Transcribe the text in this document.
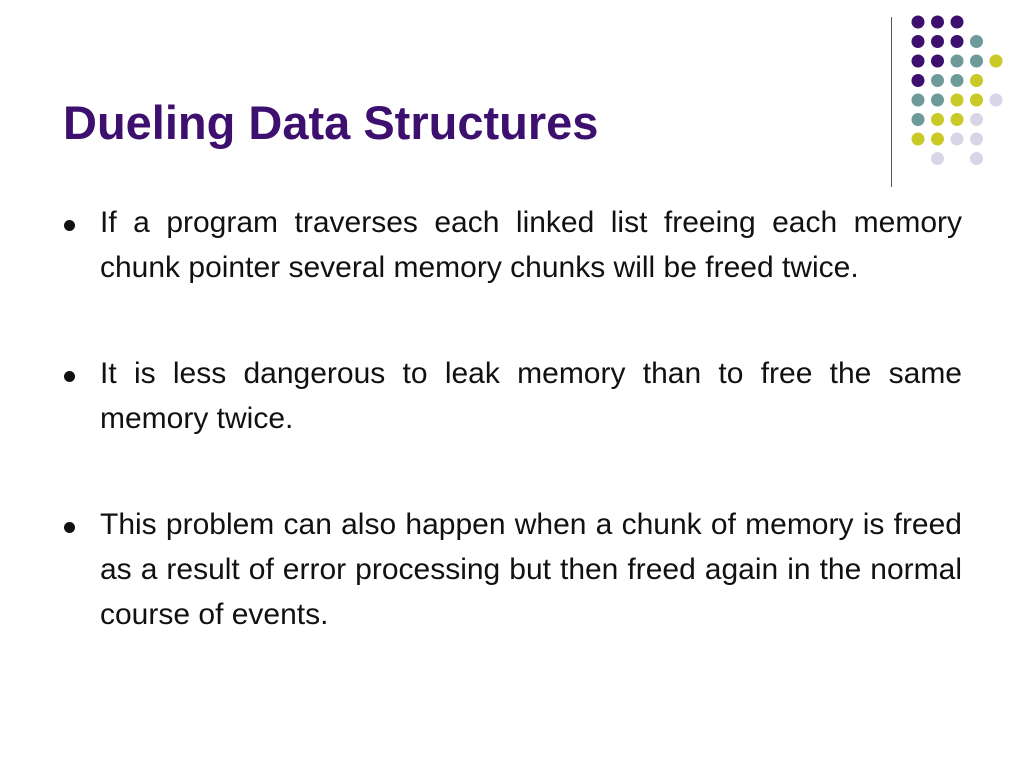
Dueling Data Structures
If a program traverses each linked list freeing each memory chunk pointer several memory chunks will be freed twice.
It is less dangerous to leak memory than to free the same memory twice.
This problem can also happen when a chunk of memory is freed as a result of error processing but then freed again in the normal course of events.
